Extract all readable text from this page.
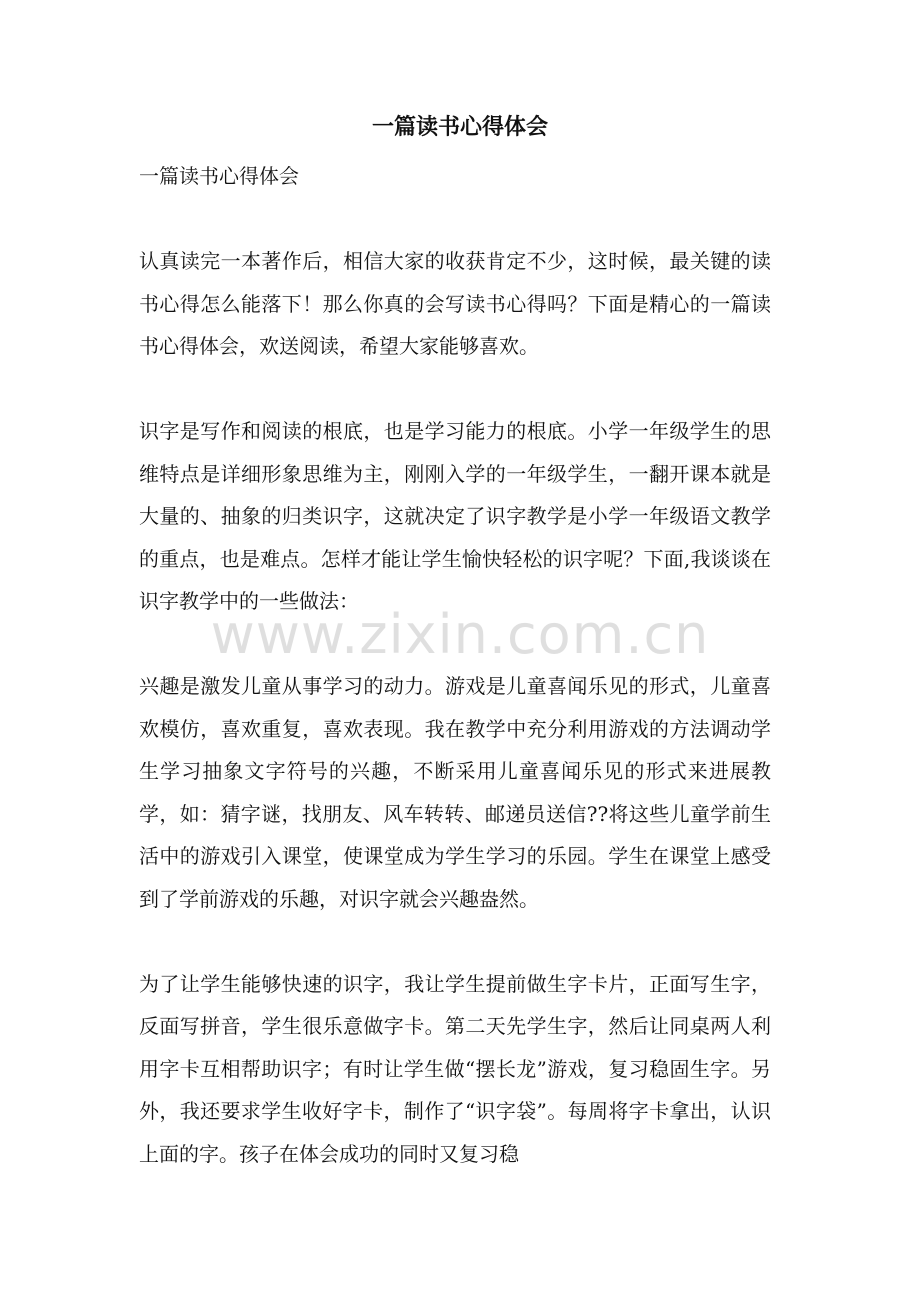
一篇读书心得体会

一篇读书心得体会

认真读完一本著作后，相信大家的收获肯定不少，这时候，最关键的读书心得怎么能落下！那么你真的会写读书心得吗？下面是精心的一篇读书心得体会，欢送阅读，希望大家能够喜欢。

识字是写作和阅读的根底，也是学习能力的根底。小学一年级学生的思维特点是详细形象思维为主，刚刚入学的一年级学生，一翻开课本就是大量的、抽象的归类识字，这就决定了识字教学是小学一年级语文教学的重点，也是难点。怎样才能让学生愉快轻松的识字呢？下面,我谈谈在识字教学中的一些做法：

兴趣是激发儿童从事学习的动力。游戏是儿童喜闻乐见的形式，儿童喜欢模仿，喜欢重复，喜欢表现。我在教学中充分利用游戏的方法调动学生学习抽象文字符号的兴趣，不断采用儿童喜闻乐见的形式来进展教学，如：猜字谜，找朋友、风车转转、邮递员送信??将这些儿童学前生活中的游戏引入课堂，使课堂成为学生学习的乐园。学生在课堂上感受到了学前游戏的乐趣，对识字就会兴趣盎然。

为了让学生能够快速的识字，我让学生提前做生字卡片，正面写生字，反面写拼音，学生很乐意做字卡。第二天先学生字，然后让同桌两人利用字卡互相帮助识字；有时让学生做“摆长龙”游戏，复习稳固生字。另外，我还要求学生收好字卡，制作了“识字袋”。每周将字卡拿出，认识上面的字。孩子在体会成功的同时又复习稳

www.zixin.com.cn
